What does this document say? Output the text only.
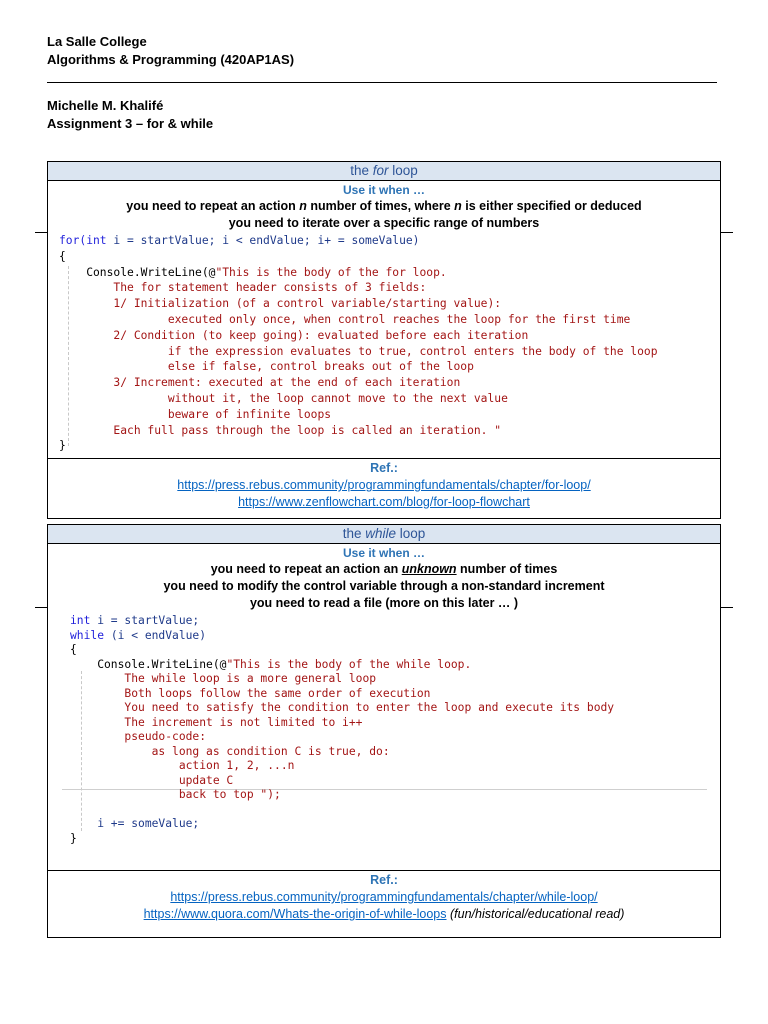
La Salle College
Algorithms & Programming (420AP1AS)
Michelle M. Khalifé
Assignment 3 – for & while
the for loop
Use it when …
you need to repeat an action n number of times, where n is either specified or deduced
you need to iterate over a specific range of numbers
for(int i = startValue; i < endValue; i+ = someValue)
{
Console.WriteLine(@"This is the body of the for loop.
The for statement header consists of 3 fields:
1/ Initialization (of a control variable/starting value):
executed only once, when control reaches the loop for the first time
2/ Condition (to keep going): evaluated before each iteration
if the expression evaluates to true, control enters the body of the loop
else if false, control breaks out of the loop
3/ Increment: executed at the end of each iteration
without it, the loop cannot move to the next value
beware of infinite loops
Each full pass through the loop is called an iteration. "
}
Ref.:
https://press.rebus.community/programmingfundamentals/chapter/for-loop/
https://www.zenflowchart.com/blog/for-loop-flowchart
the while loop
Use it when …
you need to repeat an action an unknown number of times
you need to modify the control variable through a non-standard increment
you need to read a file (more on this later … )
int i = startValue;
while (i < endValue)
{
Console.WriteLine(@"This is the body of the while loop.
The while loop is a more general loop
Both loops follow the same order of execution
You need to satisfy the condition to enter the loop and execute its body
The increment is not limited to i++
pseudo-code:
as long as condition C is true, do:
action 1, 2, ...n
update C
back to top ");

i += someValue;
}
Ref.:
https://press.rebus.community/programmingfundamentals/chapter/while-loop/
https://www.quora.com/Whats-the-origin-of-while-loops (fun/historical/educational read)
